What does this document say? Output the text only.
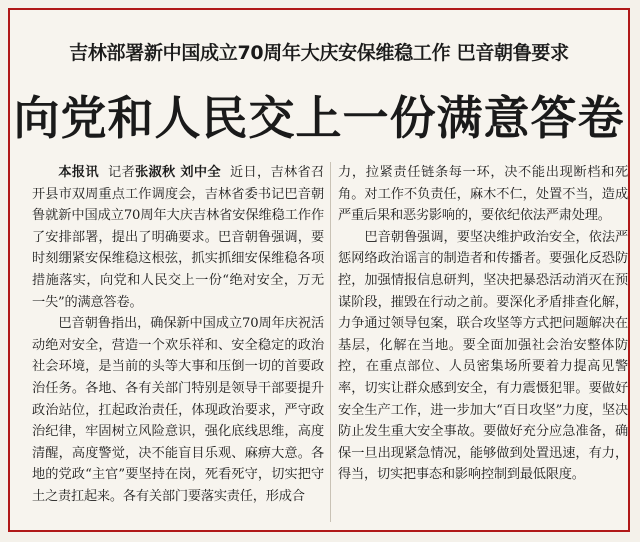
吉林部署新中国成立70周年大庆安保维稳工作 巴音朝鲁要求
向党和人民交上一份满意答卷

本报讯 记者张淑秋 刘中全 近日，吉林省召开县市双周重点工作调度会，吉林省委书记巴音朝鲁就新中国成立70周年大庆吉林省安保维稳工作作了安排部署，提出了明确要求。巴音朝鲁强调，要时刻绷紧安保维稳这根弦，抓实抓细安保维稳各项措施落实，向党和人民交上一份“绝对安全，万无一失”的满意答卷。

巴音朝鲁指出，确保新中国成立70周年庆祝活动绝对安全，营造一个欢乐祥和、安全稳定的政治社会环境，是当前的头等大事和压倒一切的首要政治任务。各地、各有关部门特别是领导干部要提升政治站位，扛起政治责任，体现政治要求，严守政治纪律，牢固树立风险意识，强化底线思维，高度清醒，高度警觉，决不能盲目乐观、麻痹大意。各地的党政“主官”要坚持在岗，死看死守，切实把守土之责扛起来。各有关部门要落实责任，形成合

力，拉紧责任链条每一环，决不能出现断档和死角。对工作不负责任，麻木不仁，处置不当，造成严重后果和恶劣影响的，要依纪依法严肃处理。

巴音朝鲁强调，要坚决维护政治安全，依法严惩网络政治谣言的制造者和传播者。要强化反恐防控，加强情报信息研判，坚决把暴恐活动消灭在预谋阶段，摧毁在行动之前。要深化矛盾排查化解，力争通过领导包案，联合攻坚等方式把问题解决在基层，化解在当地。要全面加强社会治安整体防控，在重点部位、人员密集场所要着力提高见警率，切实让群众感到安全，有力震慑犯罪。要做好安全生产工作，进一步加大“百日攻坚”力度，坚决防止发生重大安全事故。要做好充分应急准备，确保一旦出现紧急情况，能够做到处置迅速，有力，得当，切实把事态和影响控制到最低限度。
